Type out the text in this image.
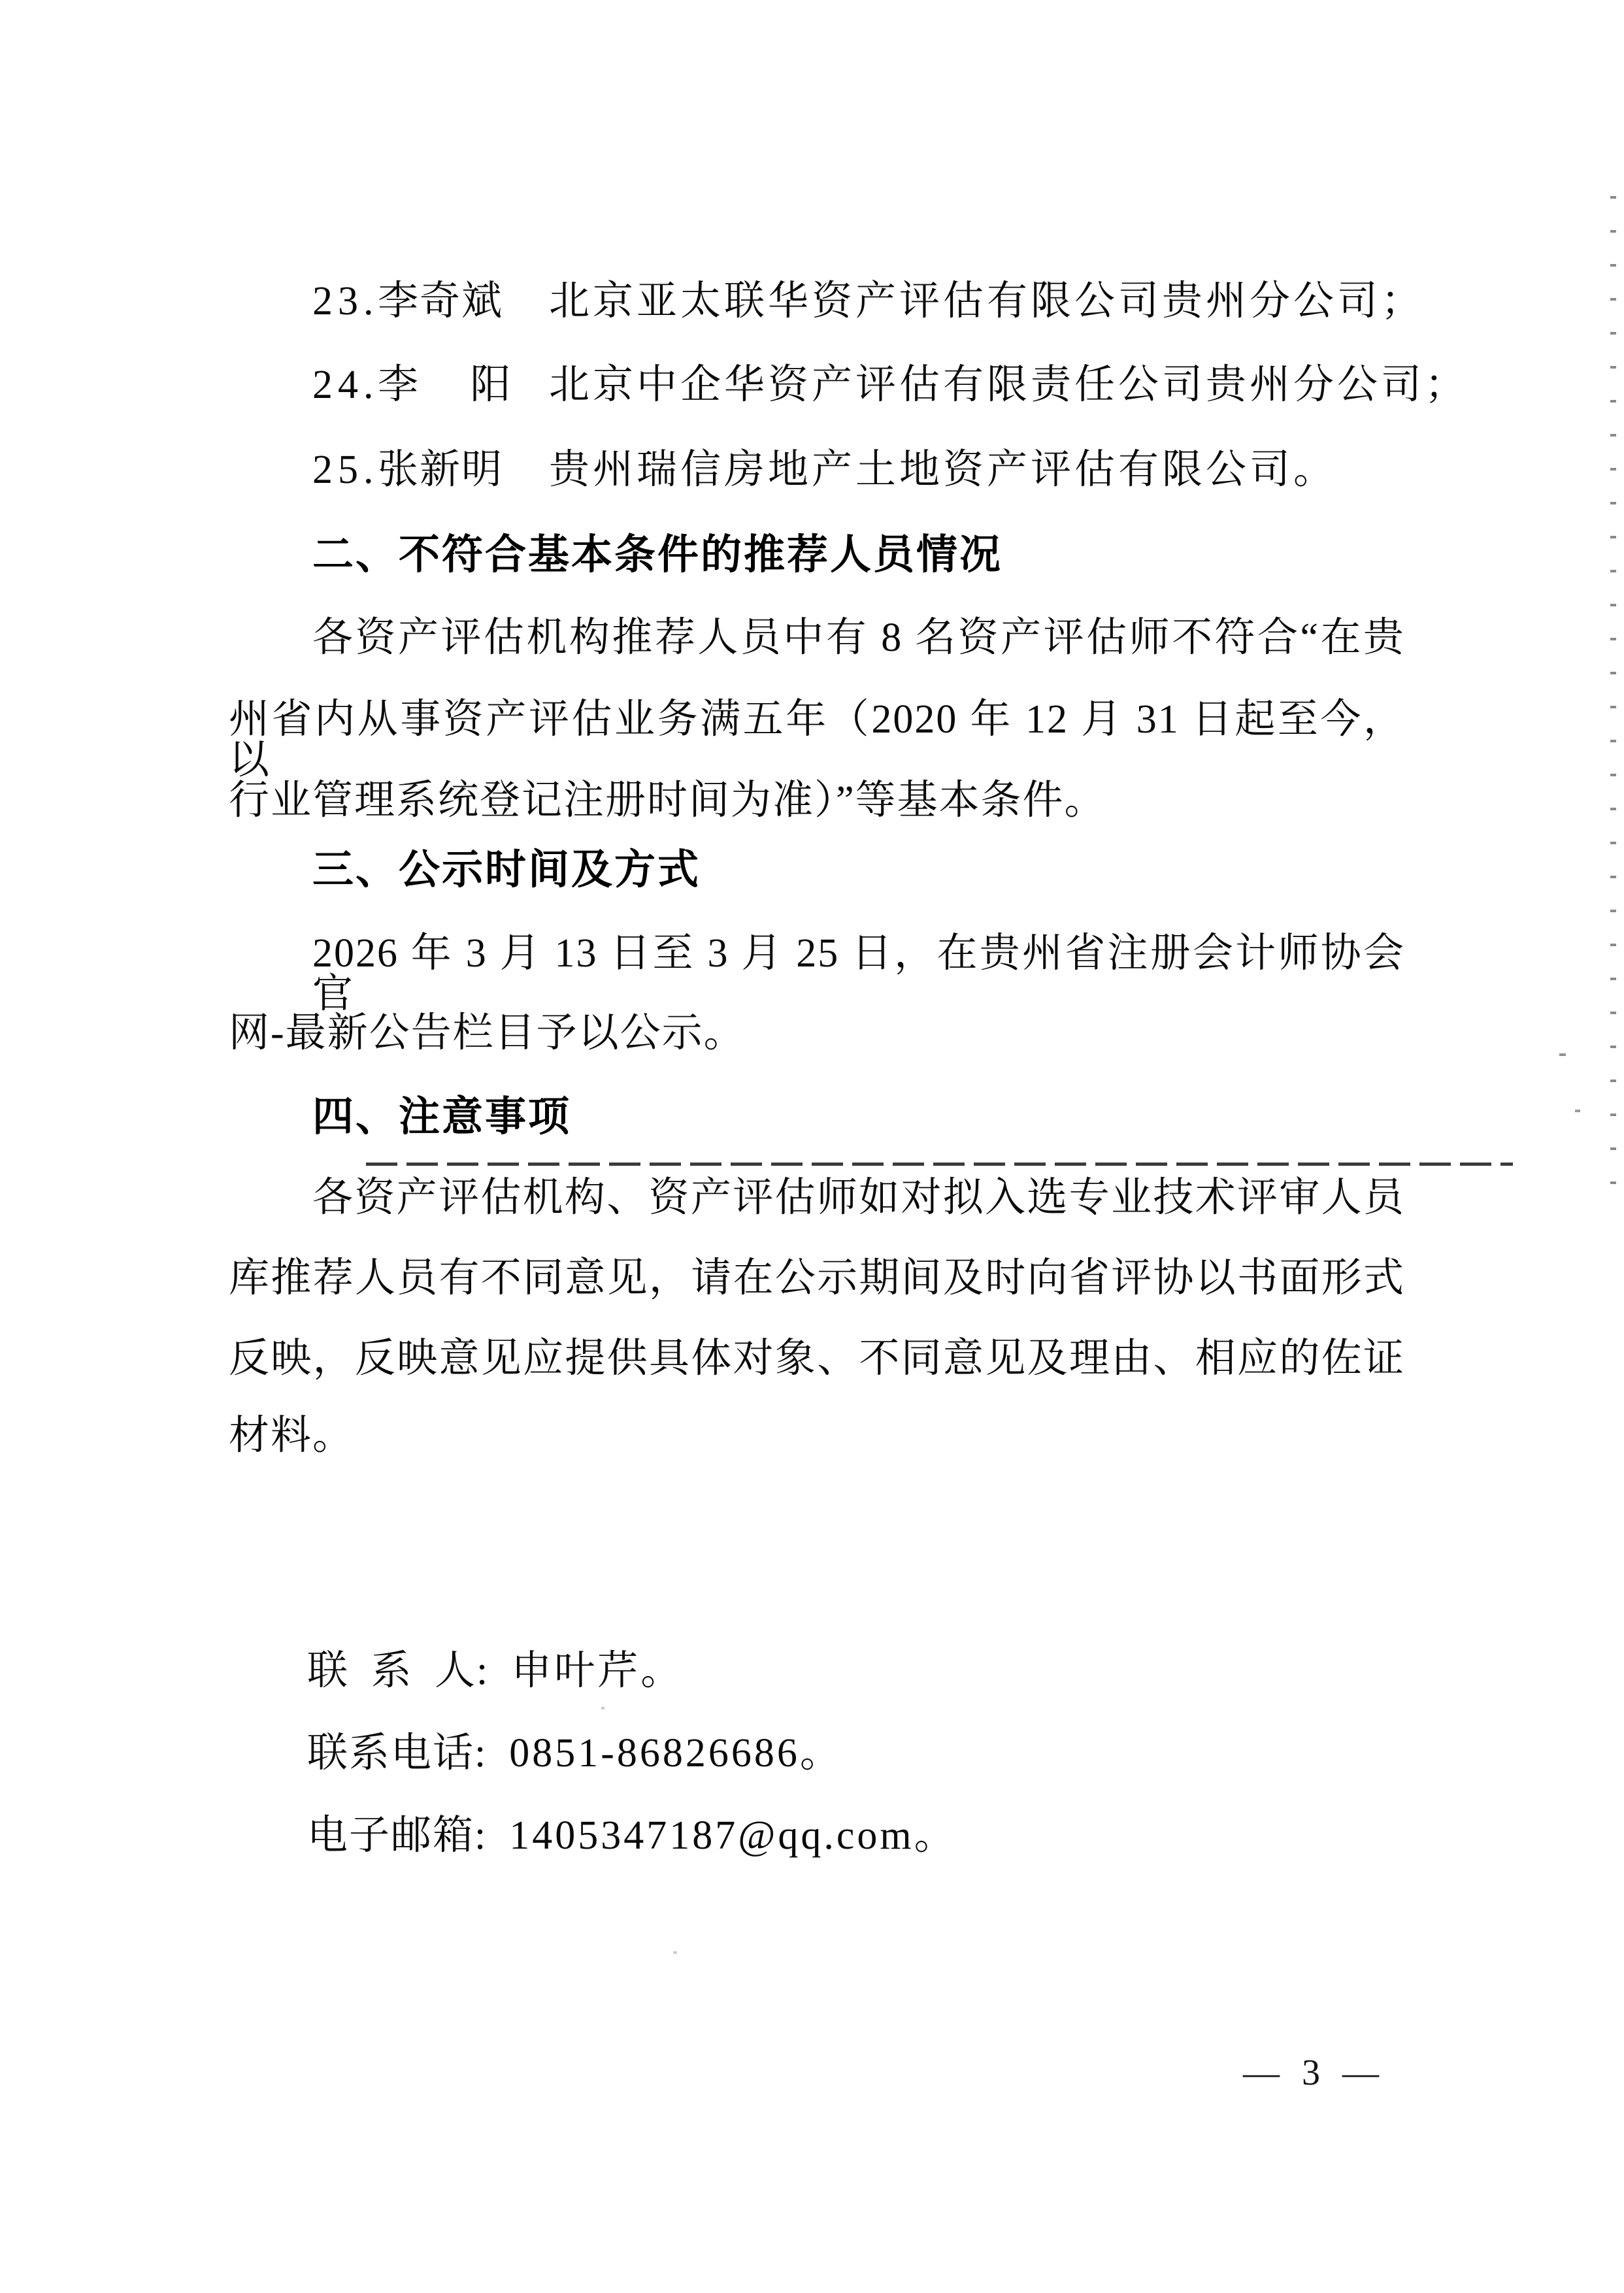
23.李奇斌 北京亚太联华资产评估有限公司贵州分公司；
24.李 阳 北京中企华资产评估有限责任公司贵州分公司；
25.张新明 贵州瑞信房地产土地资产评估有限公司。
二、不符合基本条件的推荐人员情况
各资产评估机构推荐人员中有 8 名资产评估师不符合“在贵
州省内从事资产评估业务满五年（2020 年 12 月 31 日起至今，以
行业管理系统登记注册时间为准）”等基本条件。
三、公示时间及方式
2026 年 3 月 13 日至 3 月 25 日，在贵州省注册会计师协会官
网-最新公告栏目予以公示。
四、注意事项
各资产评估机构、资产评估师如对拟入选专业技术评审人员
库推荐人员有不同意见，请在公示期间及时向省评协以书面形式
反映，反映意见应提供具体对象、不同意见及理由、相应的佐证
材料。
联 系 人: 申叶芹。
联系电话: 0851-86826686。
电子邮箱: 1405347187@qq.com。
— 3 —
